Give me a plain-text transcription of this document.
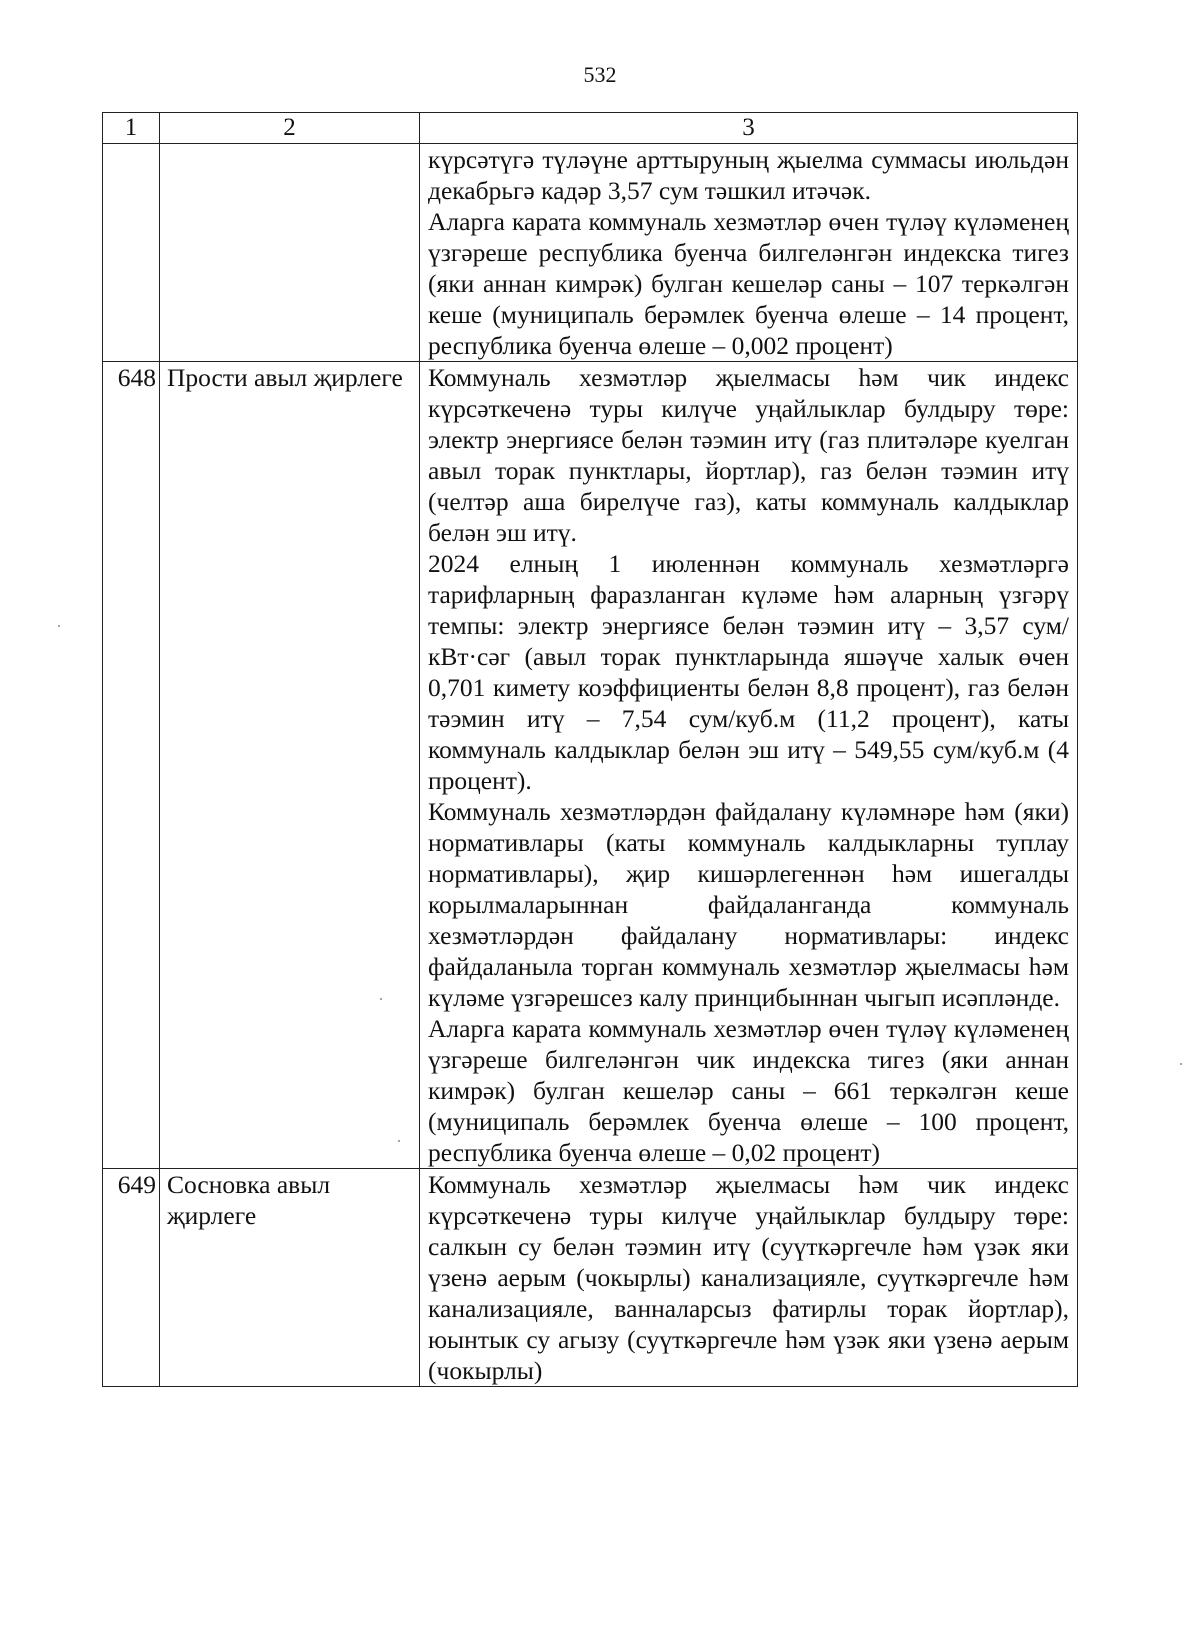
532
1	2	3

		күрсәтүгә түләүне арттыруның җыелма суммасы июльдән декабрьгә кадәр 3,57 сум тәшкил итәчәк.
Аларга карата коммуналь хезмәтләр өчен түләү күләменең үзгәреше республика буенча билгеләнгән индекска тигез (яки аннан кимрәк) булган кешеләр саны – 107 теркәлгән кеше (муниципаль берәмлек буенча өлеше – 14 процент, республика буенча өлеше – 0,002 процент)

648	Прости авыл җирлеге	Коммуналь хезмәтләр җыелмасы һәм чик индекс күрсәткеченә туры килүче уңайлыклар булдыру төре: электр энергиясе белән тәэмин итү (газ плитәләре куелган авыл торак пунктлары, йортлар), газ белән тәэмин итү (челтәр аша бирелүче газ), каты коммуналь калдыклар белән эш итү.
2024 елның 1 июленнән коммуналь хезмәтләргә тарифларның фаразланган күләме һәм аларның үзгәрү темпы: электр энергиясе белән тәэмин итү – 3,57 сум/кВт·сәг (авыл торак пунктларында яшәүче халык өчен 0,701 кимету коэффициенты белән 8,8 процент), газ белән тәэмин итү – 7,54 сум/куб.м (11,2 процент), каты коммуналь калдыклар белән эш итү – 549,55 сум/куб.м (4 процент).
Коммуналь хезмәтләрдән файдалану күләмнәре һәм (яки) нормативлары (каты коммуналь калдыкларны туплау нормативлары), җир кишәрлегеннән һәм ишегалды корылмаларыннан файдаланганда коммуналь хезмәтләрдән файдалану нормативлары: индекс файдаланыла торган коммуналь хезмәтләр җыелмасы һәм күләме үзгәрешсез калу принцибыннан чыгып исәпләнде.
Аларга карата коммуналь хезмәтләр өчен түләү күләменең үзгәреше билгеләнгән чик индекска тигез (яки аннан кимрәк) булган кешеләр саны – 661 теркәлгән кеше (муниципаль берәмлек буенча өлеше – 100 процент, республика буенча өлеше – 0,02 процент)

649	Сосновка авыл җирлеге	Коммуналь хезмәтләр җыелмасы һәм чик индекс күрсәткеченә туры килүче уңайлыклар булдыру төре: салкын су белән тәэмин итү (суүткәргечле һәм үзәк яки үзенә аерым (чокырлы) канализацияле, суүткәргечле һәм канализацияле, ванналарсыз фатирлы торак йортлар), юынтык су агызу (суүткәргечле һәм үзәк яки үзенә аерым (чокырлы)
